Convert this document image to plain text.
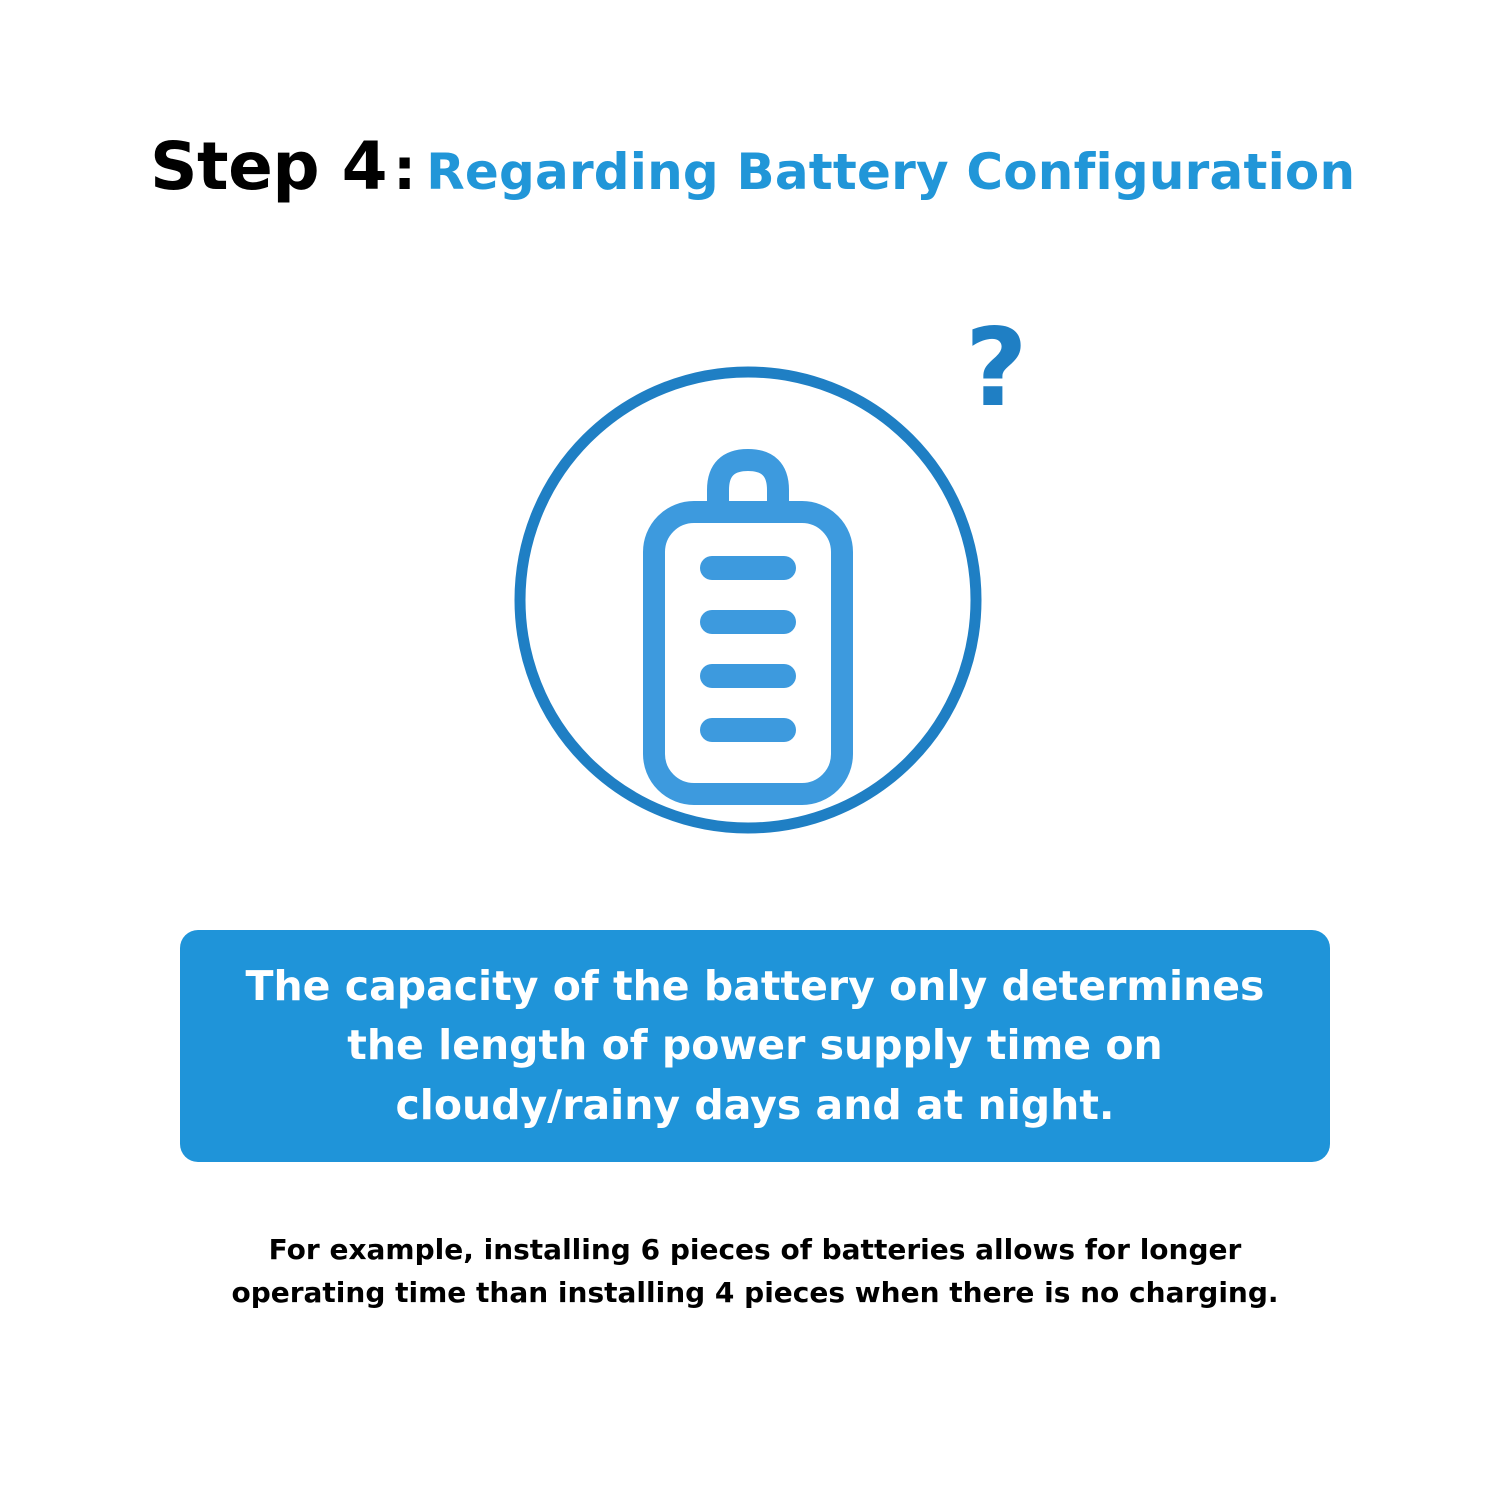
Step 4 : Regarding Battery Configuration
?
The capacity of the battery only determines the length of power supply time on cloudy/rainy days and at night.
For example, installing 6 pieces of batteries allows for longer operating time than installing 4 pieces when there is no charging.
